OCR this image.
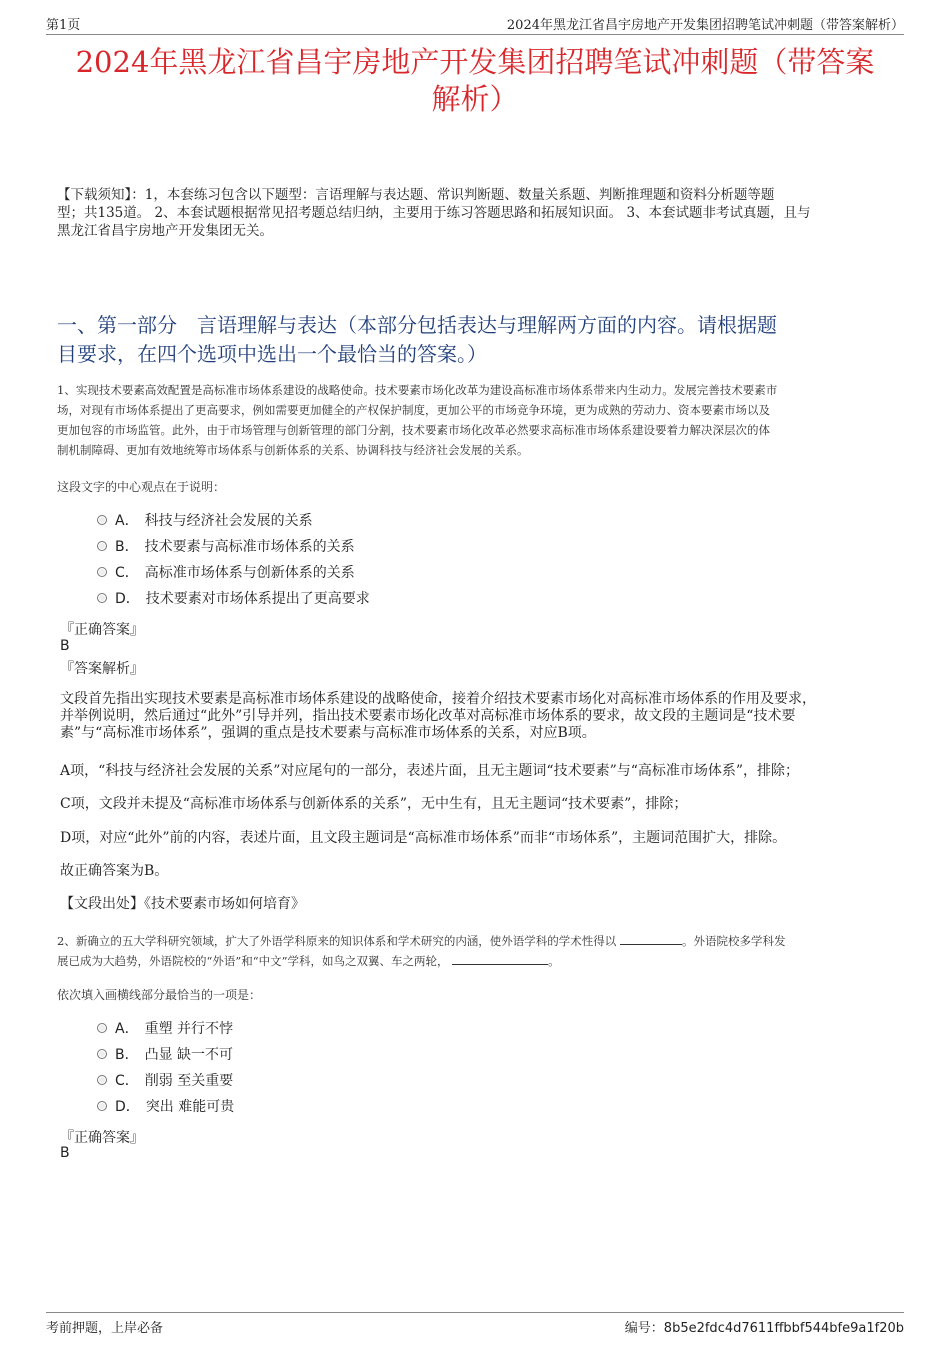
第1页	2024年黑龙江省昌宇房地产开发集团招聘笔试冲刺题（带答案解析）
2024年黑龙江省昌宇房地产开发集团招聘笔试冲刺题（带答案
解析）
【下载须知】：1，本套练习包含以下题型：言语理解与表达题、常识判断题、数量关系题、判断推理题和资料分析题等题
型；共135道。 2、本套试题根据常见招考题总结归纳，主要用于练习答题思路和拓展知识面。 3、本套试题非考试真题，且与
黑龙江省昌宇房地产开发集团无关。
一、第一部分　言语理解与表达（本部分包括表达与理解两方面的内容。请根据题
目要求，在四个选项中选出一个最恰当的答案。）
1、实现技术要素高效配置是高标准市场体系建设的战略使命。技术要素市场化改革为建设高标准市场体系带来内生动力。发展完善技术要素市
场，对现有市场体系提出了更高要求，例如需要更加健全的产权保护制度，更加公平的市场竞争环境，更为成熟的劳动力、资本要素市场以及
更加包容的市场监管。此外，由于市场管理与创新管理的部门分割，技术要素市场化改革必然要求高标准市场体系建设要着力解决深层次的体
制机制障碍、更加有效地统筹市场体系与创新体系的关系、协调科技与经济社会发展的关系。
这段文字的中心观点在于说明：
A． 科技与经济社会发展的关系
B． 技术要素与高标准市场体系的关系
C． 高标准市场体系与创新体系的关系
D． 技术要素对市场体系提出了更高要求
『正确答案』
B
『答案解析』
文段首先指出实现技术要素是高标准市场体系建设的战略使命，接着介绍技术要素市场化对高标准市场体系的作用及要求，
并举例说明，然后通过“此外”引导并列，指出技术要素市场化改革对高标准市场体系的要求，故文段的主题词是“技术要
素”与“高标准市场体系”，强调的重点是技术要素与高标准市场体系的关系，对应B项。
A项，“科技与经济社会发展的关系”对应尾句的一部分，表述片面，且无主题词“技术要素”与“高标准市场体系”，排除；
C项，文段并未提及“高标准市场体系与创新体系的关系”，无中生有，且无主题词“技术要素”，排除；
D项，对应“此外”前的内容，表述片面，且文段主题词是“高标准市场体系”而非“市场体系”，主题词范围扩大，排除。
故正确答案为B。
【文段出处】《技术要素市场如何培育》
2、新确立的五大学科研究领域，扩大了外语学科原来的知识体系和学术研究的内涵，使外语学科的学术性得以	。外语院校多学科发
展已成为大趋势，外语院校的“外语”和“中文”学科，如鸟之双翼、车之两轮，	。
依次填入画横线部分最恰当的一项是：
A． 重塑 并行不悖
B． 凸显 缺一不可
C． 削弱 至关重要
D． 突出 难能可贵
『正确答案』
B
考前押题，上岸必备	编号：8b5e2fdc4d7611ffbbf544bfe9a1f20b
